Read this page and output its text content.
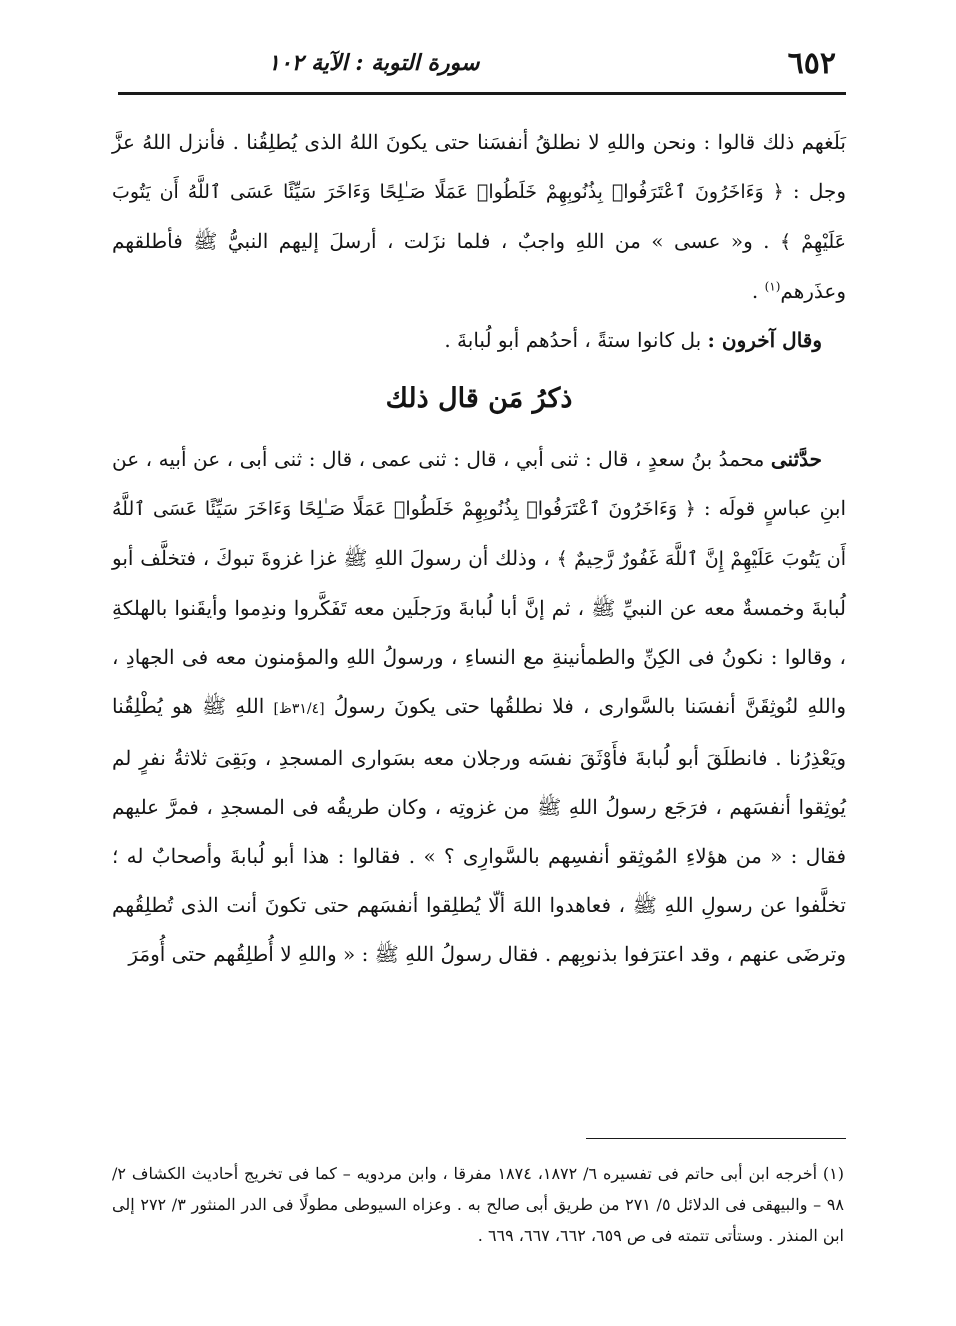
٦٥٢
سورة التوبة : الآية ١٠٢

بَلَغهم ذلك قالوا : ونحن واللهِ لا نطلقُ أنفسَنا حتى يكونَ اللهُ الذى يُطلِقُنا . فأنزل اللهُ عزَّ وجل : ﴿ وَءَاخَرُونَ ٱعْتَرَفُوا۟ بِذُنُوبِهِمْ خَلَطُوا۟ عَمَلًا صَـٰلِحًا وَءَاخَرَ سَيِّئًا عَسَى ٱللَّهُ أَن يَتُوبَ عَلَيْهِمْ ﴾ . و« عسى » من اللهِ واجبٌ ، فلما نزَلت ، أرسلَ إليهم النبيُّ ﷺ فأطلقهم وعذَرهم$^{(١)}$ .

وقال آخرون : بل كانوا ستةً ، أحدُهم أبو لُبابةَ .

ذكرُ مَن قال ذلك

حدَّثنى محمدُ بنُ سعدٍ ، قال : ثنى أبي ، قال : ثنى عمى ، قال : ثنى أبى ، عن أبيه ، عن ابنِ عباسٍ قولَه : ﴿ وَءَاخَرُونَ ٱعْتَرَفُوا۟ بِذُنُوبِهِمْ خَلَطُوا۟ عَمَلًا صَـٰلِحًا وَءَاخَرَ سَيِّئًا عَسَى ٱللَّهُ أَن يَتُوبَ عَلَيْهِمْ إِنَّ ٱللَّهَ غَفُورٌ رَّحِيمٌ ﴾ ، وذلك أن رسولَ اللهِ ﷺ غزا غزوةَ تبوكَ ، فتخلَّف أبو لُبابةَ وخمسةٌ معه عن النبيِّ ﷺ ، ثم إنَّ أبا لُبابةَ ورَجلَين معه تَفَكَّروا وندِموا وأيقَنوا بالهلكةِ ، وقالوا : نكونُ فى الكِنِّ والطمأنينةِ مع النساءِ ، ورسولُ اللهِ والمؤمنون معه فى الجهادِ ، واللهِ لنُوثِقَنَّ أنفسَنا بالسَّوارى ، فلا نطلقُها حتى يكونَ رسولُ [٣١/٤ظ] اللهِ ﷺ هو يُطْلِقُنا ويَعْذِرُنا . فانطلَقَ أبو لُبابةَ فأَوْثَقَ نفسَه ورجلان معه بسَوارى المسجدِ ، وبَقِىَ ثلاثةُ نفرٍ لم يُوثِقوا أنفسَهم ، فرَجَع رسولُ اللهِ ﷺ من غزوتِه ، وكان طريقُه فى المسجدِ ، فمرَّ عليهم فقال : « من هؤلاءِ المُوثِقو أنفسِهم بالسَّوارِى ؟ » . فقالوا : هذا أبو لُبابةَ وأصحابٌ له ؛ تخلَّفوا عن رسولِ اللهِ ﷺ ، فعاهدوا اللهَ ألّا يُطلِقوا أنفسَهم حتى تكونَ أنت الذى تُطلِقُهم وترضَى عنهم ، وقد اعترَفوا بذنوبِهم . فقال رسولُ اللهِ ﷺ : « واللهِ لا أُطلِقُهم حتى أُومَرَ

(١) أخرجه ابن أبى حاتم فى تفسيره ٦/ ١٨٧٢، ١٨٧٤ مفرقا ، وابن مردويه – كما فى تخريج أحاديث الكشاف ٢/ ٩٨ – والبيهقى فى الدلائل ٥/ ٢٧١ من طريق أبى صالح به . وعزاه السيوطى مطولًا فى الدر المنثور ٣/ ٢٧٢ إلى ابن المنذر . وستأتى تتمته فى ص ٦٥٩، ٦٦٢، ٦٦٧، ٦٦٩ .
